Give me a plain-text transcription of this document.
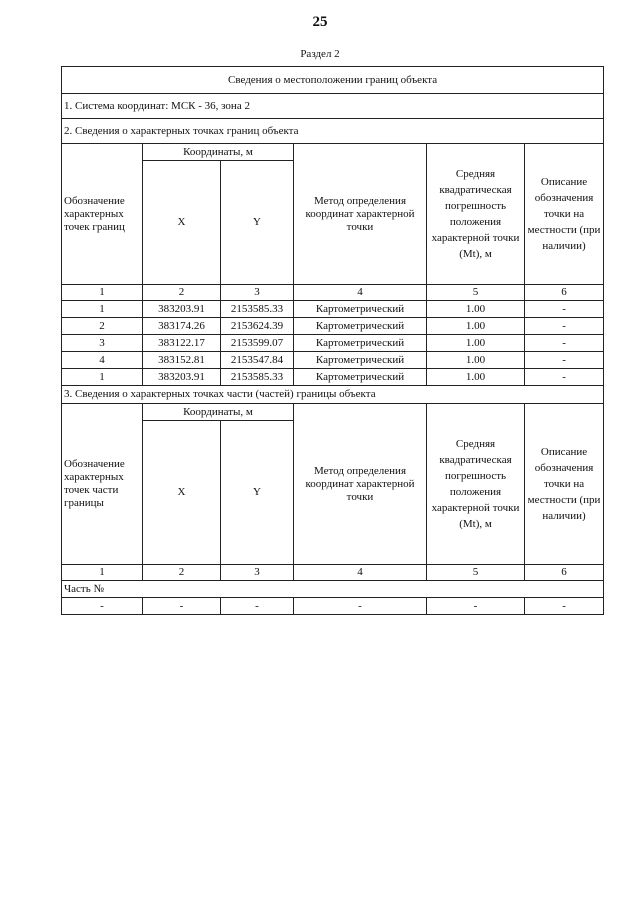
25
Раздел 2
Сведения о местоположении границ объекта					
1. Система координат: МСК - 36, зона 2					
2. Сведения о характерных точках границ объекта					
Обозначение характерных точек границ	Координаты, м		Метод определения координат характерной точки	Средняя квадратическая погрешность положения характерной точки (Mt), м	Описание обозначения точки на местности (при наличии)
	X	Y			
1	2	3	4	5	6
1	383203.91	2153585.33	Картометрический	1.00	-
2	383174.26	2153624.39	Картометрический	1.00	-
3	383122.17	2153599.07	Картометрический	1.00	-
4	383152.81	2153547.84	Картометрический	1.00	-
1	383203.91	2153585.33	Картометрический	1.00	-
3. Сведения о характерных точках части (частей) границы объекта					
Обозначение характерных точек части границы	Координаты, м		Метод определения координат характерной точки	Средняя квадратическая погрешность положения характерной точки (Mt), м	Описание обозначения точки на местности (при наличии)
	X	Y			
1	2	3	4	5	6
Часть №					
-	-	-	-	-	-
